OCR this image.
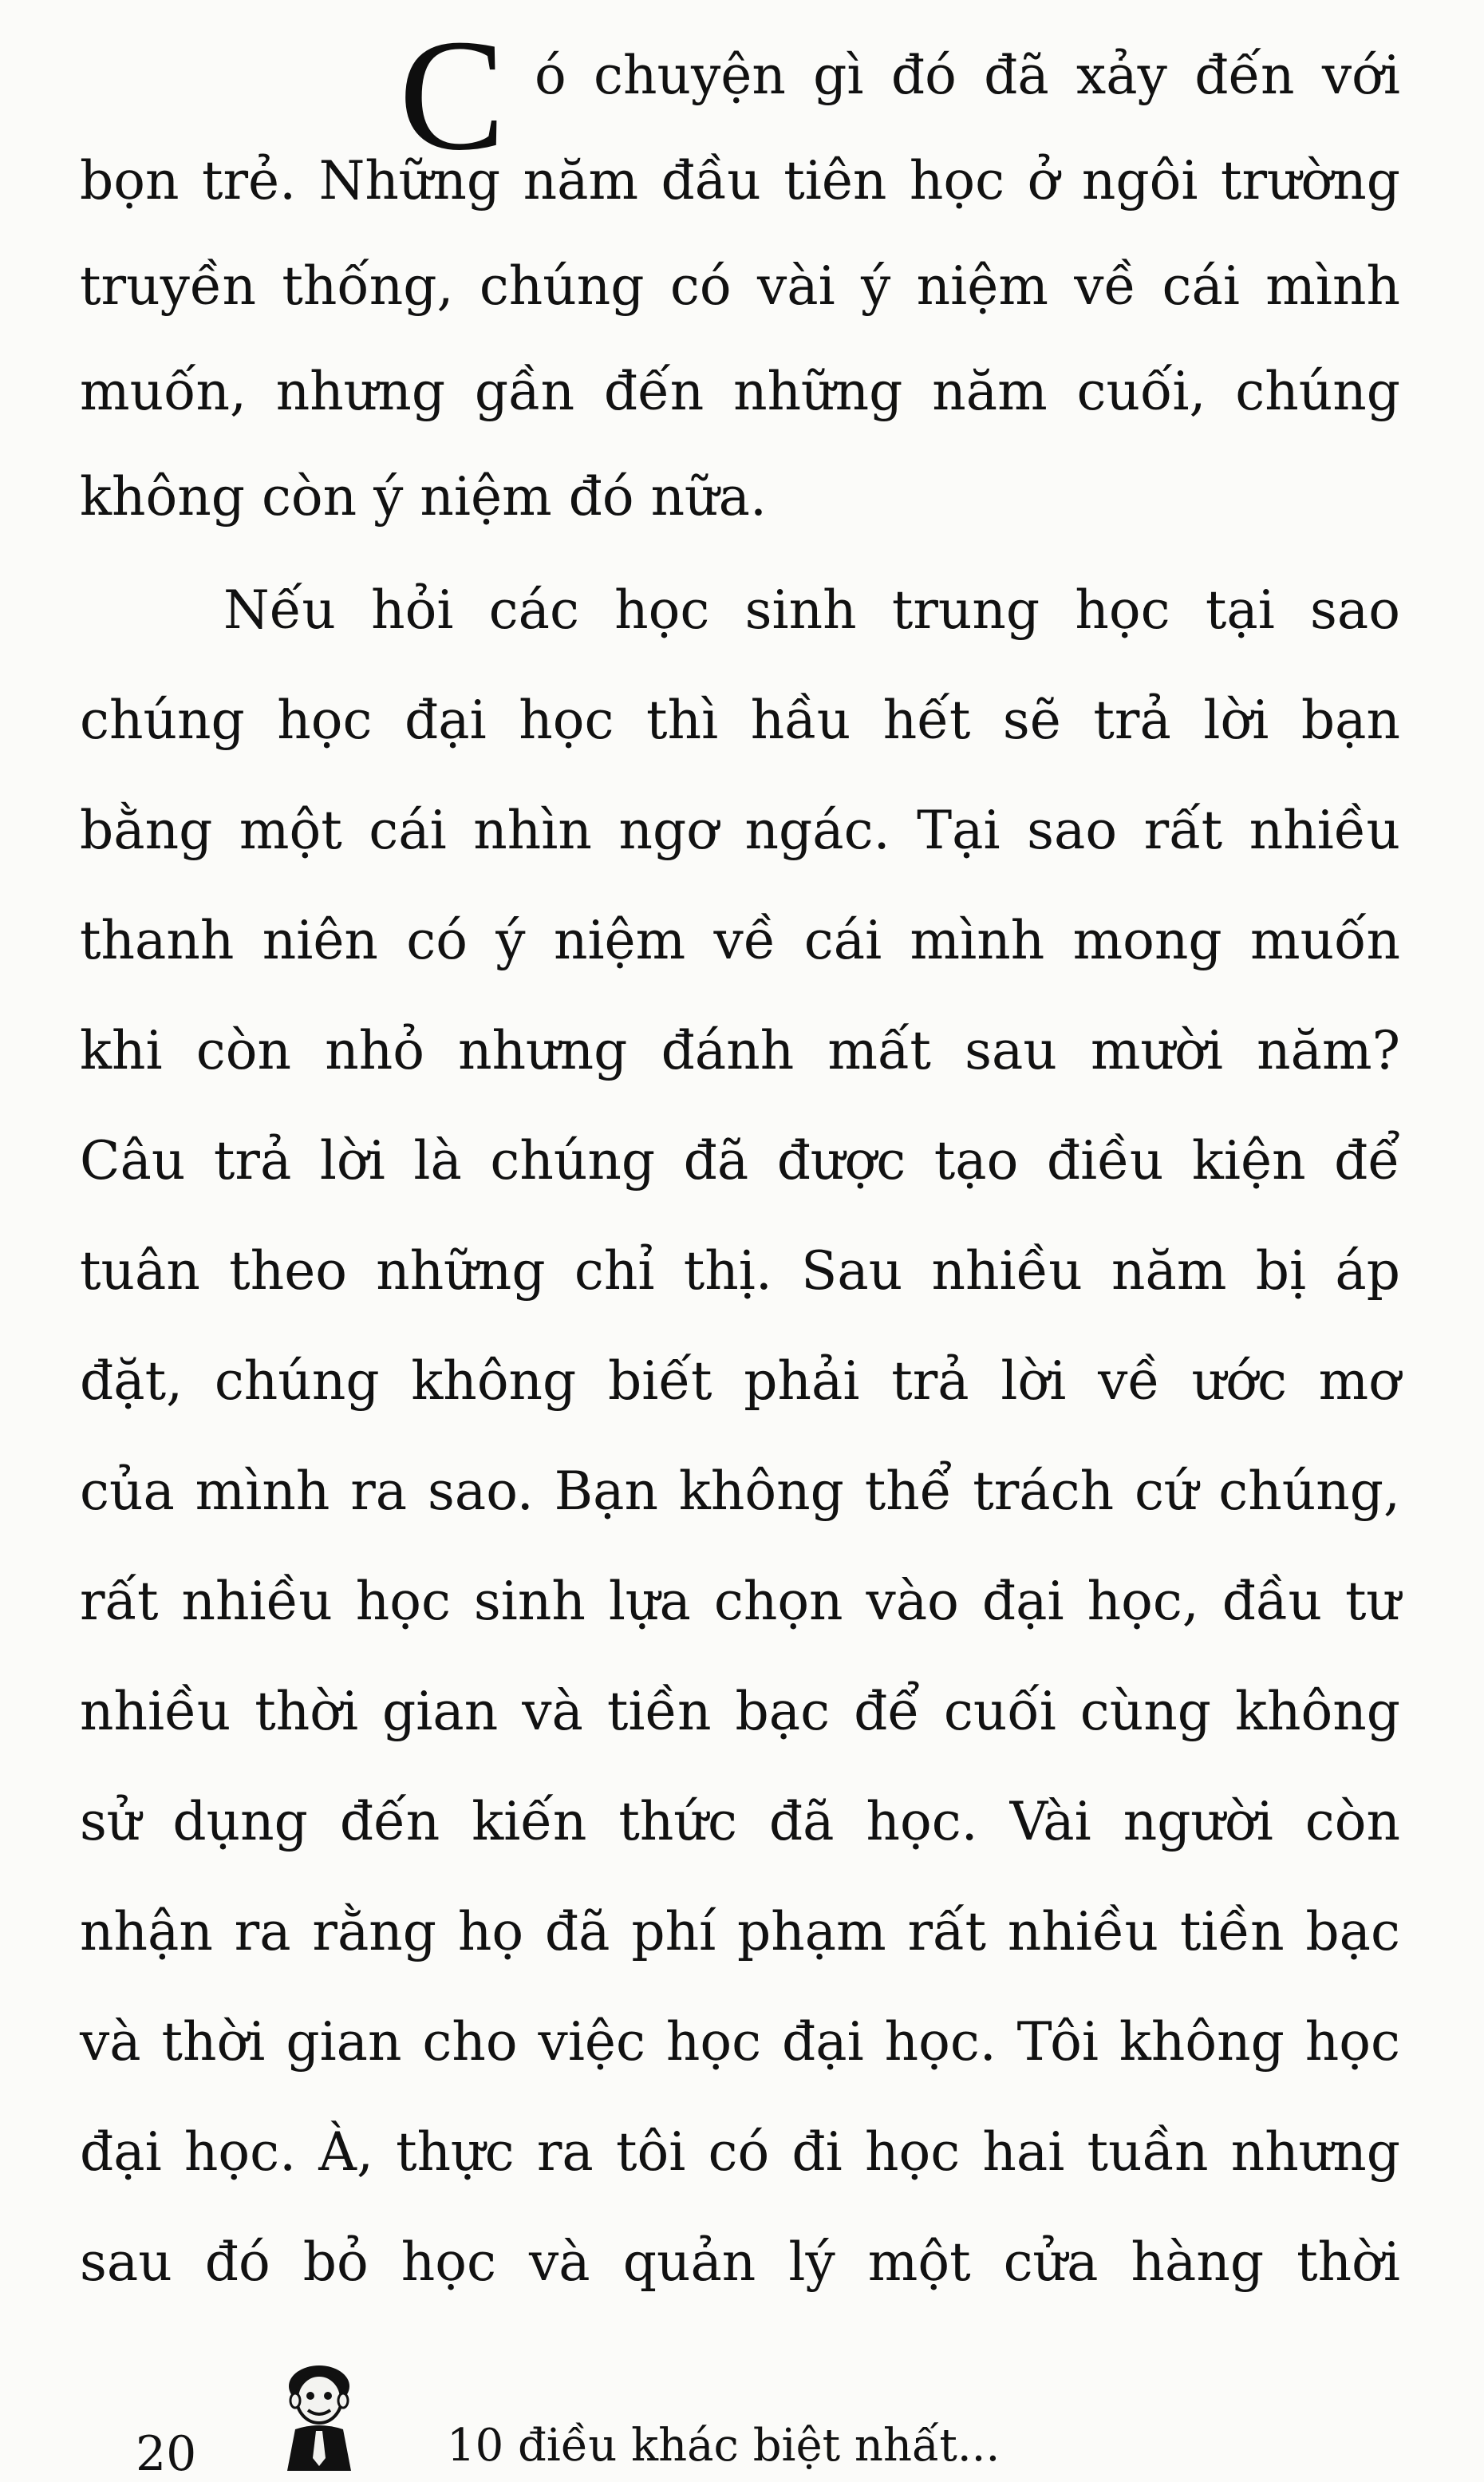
C ó chuyện gì đó đã xảy đến với
bọn trẻ. Những năm đầu tiên học ở ngôi trường
truyền thống, chúng có vài ý niệm về cái mình
muốn, nhưng gần đến những năm cuối, chúng
không còn ý niệm đó nữa.
Nếu hỏi các học sinh trung học tại sao
chúng học đại học thì hầu hết sẽ trả lời bạn
bằng một cái nhìn ngơ ngác. Tại sao rất nhiều
thanh niên có ý niệm về cái mình mong muốn
khi còn nhỏ nhưng đánh mất sau mười năm?
Câu trả lời là chúng đã được tạo điều kiện để
tuân theo những chỉ thị. Sau nhiều năm bị áp
đặt, chúng không biết phải trả lời về ước mơ
của mình ra sao. Bạn không thể trách cứ chúng,
rất nhiều học sinh lựa chọn vào đại học, đầu tư
nhiều thời gian và tiền bạc để cuối cùng không
sử dụng đến kiến thức đã học. Vài người còn
nhận ra rằng họ đã phí phạm rất nhiều tiền bạc
và thời gian cho việc học đại học. Tôi không học
đại học. À, thực ra tôi có đi học hai tuần nhưng
sau đó bỏ học và quản lý một cửa hàng thời
20	10 điều khác biệt nhất...
